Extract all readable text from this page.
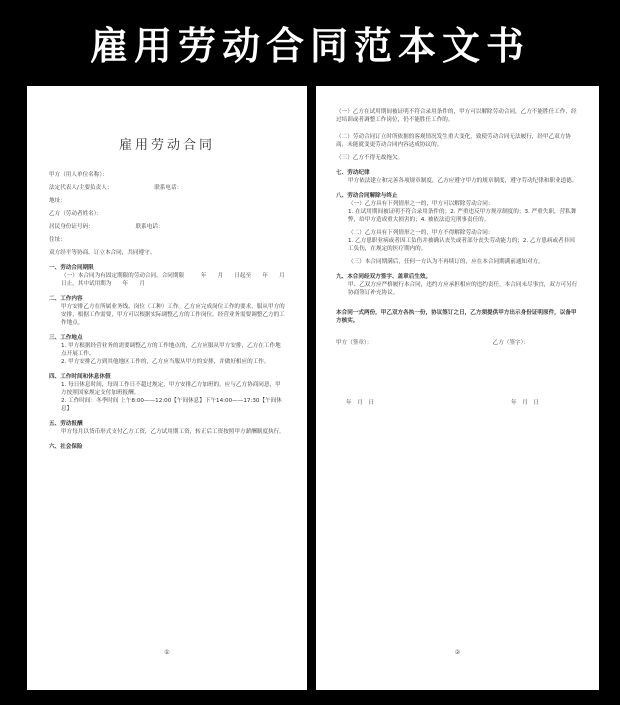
雇用劳动合同范本文书
雇用劳动合同
甲方（用人单位名称）：
法定代表人/主要负责人：	联系电话：
地址：
乙方（劳动者姓名）：
居民身份证号码：	联系电话：
住址：
双方经平等协商，订立本合同，共同遵守。
一、劳动合同期限
（一）本合同为有固定期限的劳动合同，合同期限　　　年　　月　　日起至　　年　　月　　日止。其中试用期为　　年　　月
二、工作内容
甲方安排乙方在所属业务线，岗位（工种）工作。乙方应完成岗位工作的要求，服从甲方的安排，根据工作需要，甲方可以根据实际调整乙方的工作岗位，经营业务需要调整乙方的工作地点。
三、工作地点
1. 甲方根据经营业务的需要调整乙方的工作地点的，乙方应服从甲方安排，乙方在工作地点开展工作。
2. 甲方安排乙方到其他地区工作的，乙方应当服从甲方的安排，并做好相应的工作。
四、工作时间和休息休假
1. 每日休息时间，每周工作日不超过规定，甲方安排乙方加班的，应与乙方协商同意，甲方按照国家规定支付加班报酬。
2. 工作时间：冬季时间 上午8:00——12:00【午间休息】下午14:00——17:30【午间休息】
五、劳动报酬
甲方每月以货币形式支付乙方工资，乙方试用期工资，转正后工资按照甲方薪酬制度执行。
六、社会保险
①
（一）乙方在试用期间被证明不符合录用条件的，甲方可以解除劳动合同。乙方不能胜任工作，经过培训或者调整工作岗位，仍不能胜任工作的。
（二）劳动合同订立时所依据的客观情况发生重大变化，致使劳动合同无法履行，经甲乙双方协商，未能就变更劳动合同内容达成协议的。
（三）乙方不得无故拖欠。
七、劳动纪律
甲方依法建立和完善各项规章制度，乙方应遵守甲方的规章制度，遵守劳动纪律和职业道德。
八、劳动合同解除与终止
（一）乙方具有下列情形之一的，甲方可以解除劳动合同：
1. 在试用期间被证明不符合录用条件的；2. 严重违反甲方规章制度的；3. 严重失职，营私舞弊，给甲方造成重大损害的；4. 被依法追究刑事责任的。
（二）乙方具有下列情形之一的，甲方不得解除劳动合同：
1. 乙方患职业病或者因工负伤并被确认丧失或者部分丧失劳动能力的；2. 乙方患病或者非因工负伤，在规定的医疗期内的。
（三）本合同期满后，任何一方认为不再续订的，应在本合同期满前通知对方。
九、本合同经双方签字、盖章后生效。
甲、乙双方应严格履行本合同，违约方应承担相应的违约责任。本合同未尽事宜，双方可另行协商签订补充协议。
本合同一式两份，甲乙双方各执一份，协议签订之日，乙方须提供甲方出示身份证明原件，以备甲方核实。
甲方（签章）：	乙方（签字）：
年　月　日	年　月　日
②
